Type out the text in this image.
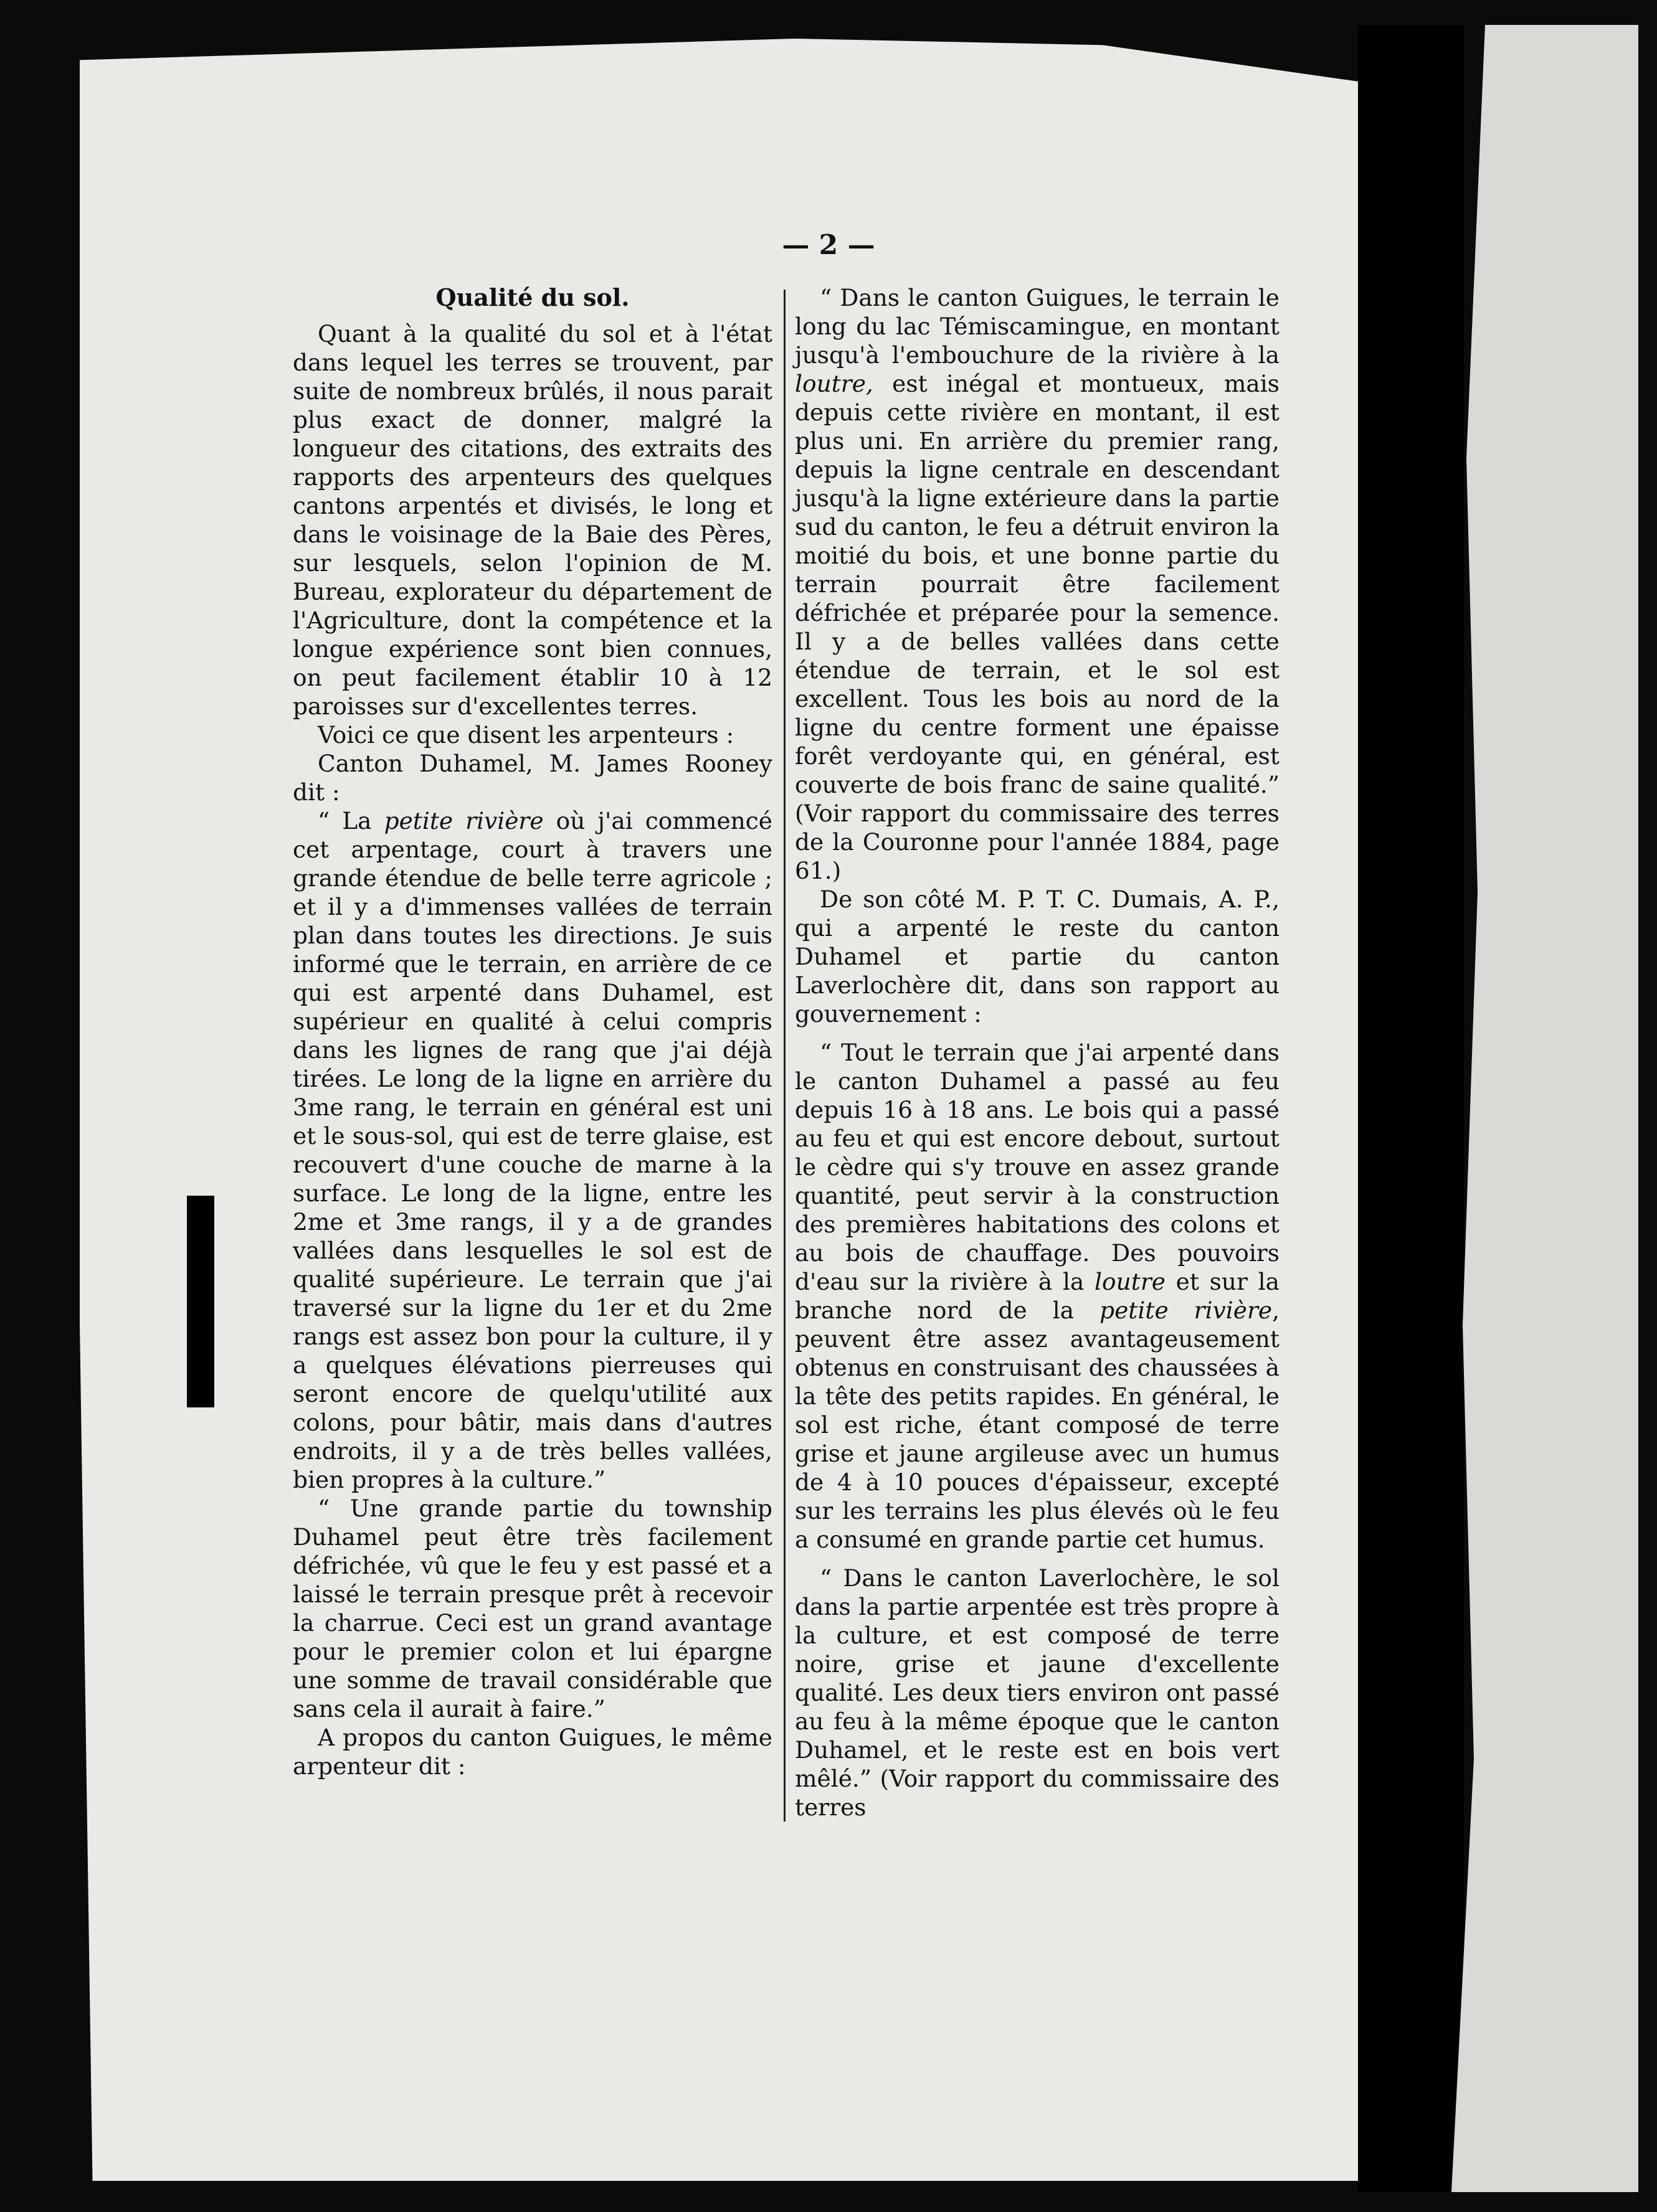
— 2 —

Qualité du sol.

Quant à la qualité du sol et à l'état dans lequel les terres se trouvent, par suite de nombreux brûlés, il nous parait plus exact de donner, malgré la longueur des citations, des extraits des rapports des arpenteurs des quelques cantons arpentés et divisés, le long et dans le voisinage de la Baie des Pères, sur lesquels, selon l'opinion de M. Bureau, explorateur du département de l'Agriculture, dont la compétence et la longue expérience sont bien connues, on peut facilement établir 10 à 12 paroisses sur d'excellentes terres.

Voici ce que disent les arpenteurs :

Canton Duhamel, M. James Rooney dit :

“ La petite rivière où j'ai commencé cet arpentage, court à travers une grande étendue de belle terre agricole ; et il y a d'immenses vallées de terrain plan dans toutes les directions. Je suis informé que le terrain, en arrière de ce qui est arpenté dans Duhamel, est supérieur en qualité à celui compris dans les lignes de rang que j'ai déjà tirées. Le long de la ligne en arrière du 3me rang, le terrain en général est uni et le sous-sol, qui est de terre glaise, est recouvert d'une couche de marne à la surface. Le long de la ligne, entre les 2me et 3me rangs, il y a de grandes vallées dans lesquelles le sol est de qualité supérieure. Le terrain que j'ai traversé sur la ligne du 1er et du 2me rangs est assez bon pour la culture, il y a quelques élévations pierreuses qui seront encore de quelqu'utilité aux colons, pour bâtir, mais dans d'autres endroits, il y a de très belles vallées, bien propres à la culture.”

“ Une grande partie du township Duhamel peut être très facilement défrichée, vû que le feu y est passé et a laissé le terrain presque prêt à recevoir la charrue. Ceci est un grand avantage pour le premier colon et lui épargne une somme de travail considérable que sans cela il aurait à faire.”

A propos du canton Guigues, le même arpenteur dit :

“ Dans le canton Guigues, le terrain le long du lac Témiscamingue, en montant jusqu'à l'embouchure de la rivière à la loutre, est inégal et montueux, mais depuis cette rivière en montant, il est plus uni. En arrière du premier rang, depuis la ligne centrale en descendant jusqu'à la ligne extérieure dans la partie sud du canton, le feu a détruit environ la moitié du bois, et une bonne partie du terrain pourrait être facilement défrichée et préparée pour la semence. Il y a de belles vallées dans cette étendue de terrain, et le sol est excellent. Tous les bois au nord de la ligne du centre forment une épaisse forêt verdoyante qui, en général, est couverte de bois franc de saine qualité.” (Voir rapport du commissaire des terres de la Couronne pour l'année 1884, page 61.)

De son côté M. P. T. C. Dumais, A. P., qui a arpenté le reste du canton Duhamel et partie du canton Laverlochère dit, dans son rapport au gouvernement :

“ Tout le terrain que j'ai arpenté dans le canton Duhamel a passé au feu depuis 16 à 18 ans. Le bois qui a passé au feu et qui est encore debout, surtout le cèdre qui s'y trouve en assez grande quantité, peut servir à la construction des premières habitations des colons et au bois de chauffage. Des pouvoirs d'eau sur la rivière à la loutre et sur la branche nord de la petite rivière, peuvent être assez avantageusement obtenus en construisant des chaussées à la tête des petits rapides. En général, le sol est riche, étant composé de terre grise et jaune argileuse avec un humus de 4 à 10 pouces d'épaisseur, excepté sur les terrains les plus élevés où le feu a consumé en grande partie cet humus.

“ Dans le canton Laverlochère, le sol dans la partie arpentée est très propre à la culture, et est composé de terre noire, grise et jaune d'excellente qualité. Les deux tiers environ ont passé au feu à la même époque que le canton Duhamel, et le reste est en bois vert mêlé.” (Voir rapport du commissaire des terres
